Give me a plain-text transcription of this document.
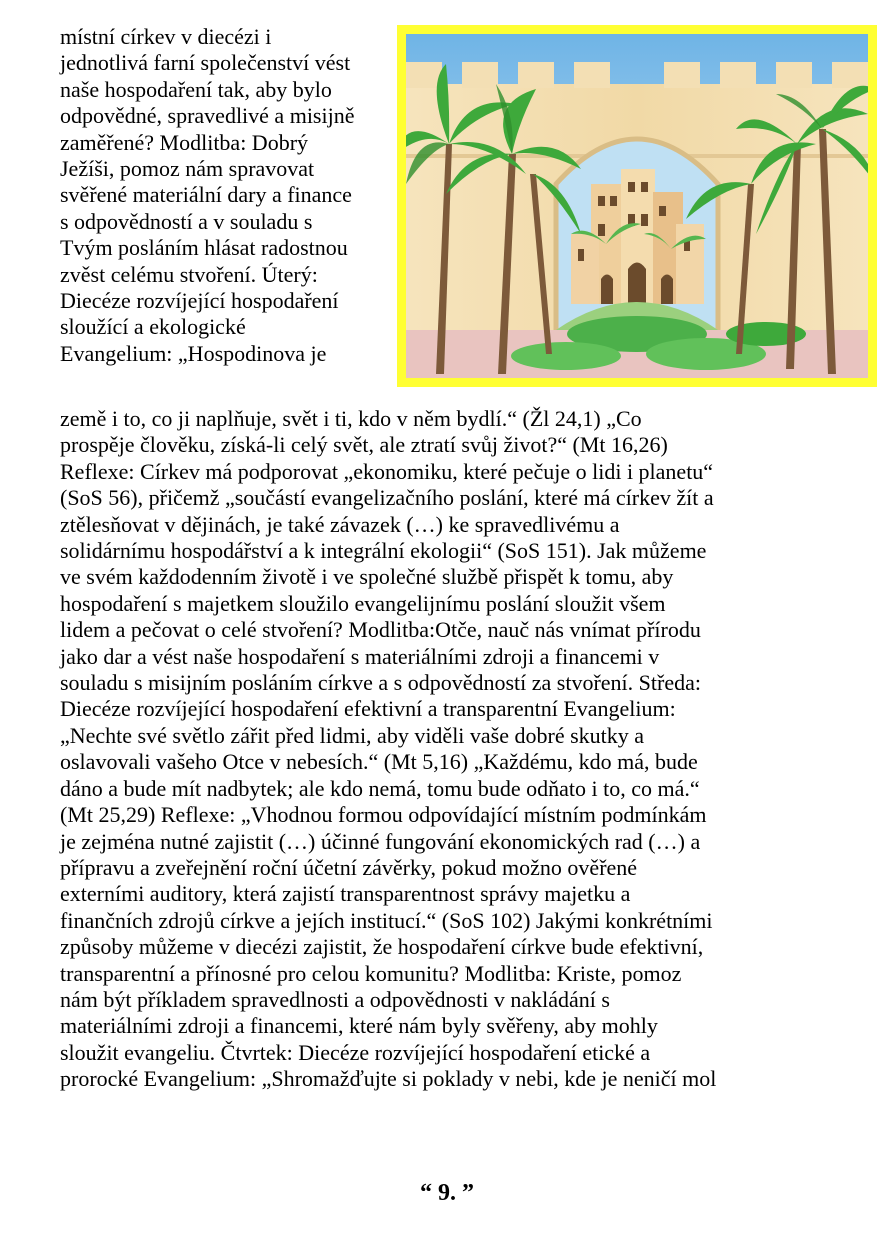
místní církev v diecézi i
jednotlivá farní společenství vést
naše hospodaření tak, aby bylo
odpovědné, spravedlivé a misijně
zaměřené? Modlitba: Dobrý
Ježíši, pomoz nám spravovat
svěřené materiální dary a finance
s odpovědností a v souladu s
Tvým posláním hlásat radostnou
zvěst celému stvoření. Úterý:
Diecéze rozvíjející hospodaření
sloužící a ekologické
Evangelium: „Hospodinova je
země i to, co ji naplňuje, svět i ti, kdo v něm bydlí.“ (Žl 24,1) „Co
prospěje člověku, získá-li celý svět, ale ztratí svůj život?“ (Mt 16,26)
Reflexe: Církev má podporovat „ekonomiku, které pečuje o lidi i planetu“
(SoS 56), přičemž „součástí evangelizačního poslání, které má církev žít a
ztělesňovat v dějinách, je také závazek (…) ke spravedlivému a
solidárnímu hospodářství a k integrální ekologii“ (SoS 151). Jak můžeme
ve svém každodenním životě i ve společné službě přispět k tomu, aby
hospodaření s majetkem sloužilo evangelijnímu poslání sloužit všem
lidem a pečovat o celé stvoření? Modlitba:Otče, nauč nás vnímat přírodu
jako dar a vést naše hospodaření s materiálními zdroji a financemi v
souladu s misijním posláním církve a s odpovědností za stvoření. Středa:
Diecéze rozvíjející hospodaření efektivní a transparentní Evangelium:
„Nechte své světlo zářit před lidmi, aby viděli vaše dobré skutky a
oslavovali vašeho Otce v nebesích.“ (Mt 5,16) „Každému, kdo má, bude
dáno a bude mít nadbytek; ale kdo nemá, tomu bude odňato i to, co má.“
(Mt 25,29) Reflexe: „Vhodnou formou odpovídající místním podmínkám
je zejména nutné zajistit (…) účinné fungování ekonomických rad (…) a
přípravu a zveřejnění roční účetní závěrky, pokud možno ověřené
externími auditory, která zajistí transparentnost správy majetku a
finančních zdrojů církve a jejích institucí.“ (SoS 102) Jakými konkrétními
způsoby můžeme v diecézi zajistit, že hospodaření církve bude efektivní,
transparentní a přínosné pro celou komunitu? Modlitba: Kriste, pomoz
nám být příkladem spravedlnosti a odpovědnosti v nakládání s
materiálními zdroji a financemi, které nám byly svěřeny, aby mohly
sloužit evangeliu. Čtvrtek: Diecéze rozvíjející hospodaření etické a
prorocké Evangelium: „Shromažďujte si poklady v nebi, kde je neničí mol
“ 9. ”
